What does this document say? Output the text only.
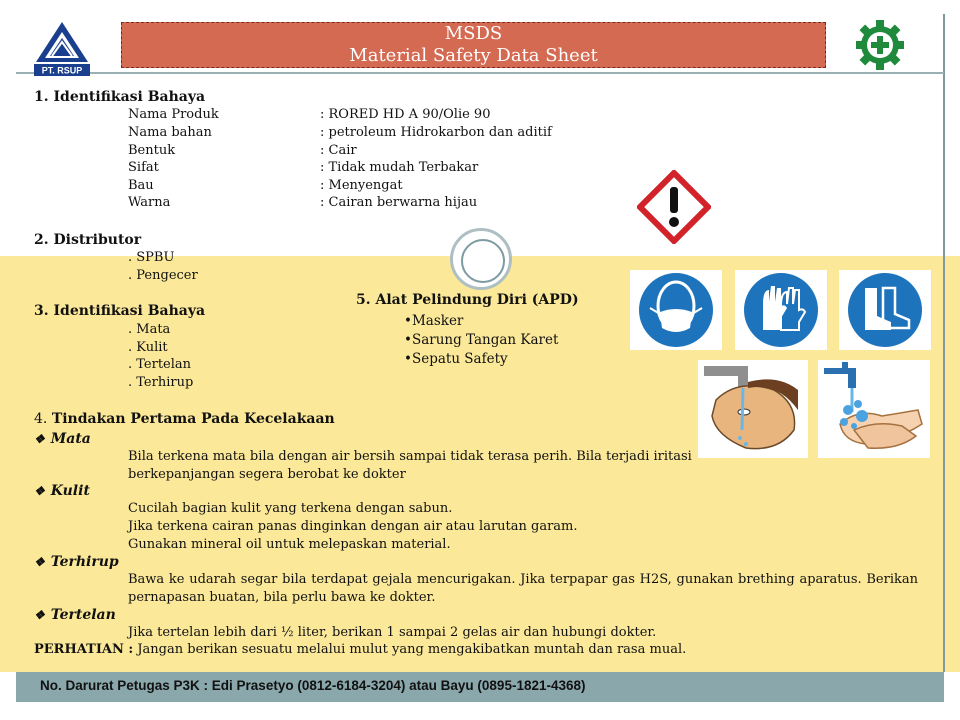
PT. RSUP
MSDS
Material Safety Data Sheet
1. Identifikasi Bahaya
Nama Produk	: RORED HD A 90/Olie 90
Nama bahan	: petroleum Hidrokarbon dan aditif
Bentuk	: Cair
Sifat	: Tidak mudah Terbakar
Bau	: Menyengat
Warna	: Cairan berwarna hijau
2. Distributor
. SPBU
. Pengecer
3. Identifikasi Bahaya
. Mata
. Kulit
. Tertelan
. Terhirup
5. Alat Pelindung Diri (APD)
•Masker
•Sarung Tangan Karet
•Sepatu Safety
4. Tindakan Pertama Pada Kecelakaan
❖ Mata
Bila terkena mata bila dengan air bersih sampai tidak terasa perih. Bila terjadi iritasi
berkepanjangan segera berobat ke dokter
❖ Kulit
Cucilah bagian kulit yang terkena dengan sabun.
Jika terkena cairan panas dinginkan dengan air atau larutan garam.
Gunakan mineral oil untuk melepaskan material.
❖ Terhirup
Bawa ke udarah segar bila terdapat gejala mencurigakan. Jika terpapar gas H2S, gunakan brething aparatus. Berikan pernapasan buatan, bila perlu bawa ke dokter.
❖ Tertelan
Jika tertelan lebih dari ½ liter, berikan 1 sampai 2 gelas air dan hubungi dokter.
PERHATIAN : Jangan berikan sesuatu melalui mulut yang mengakibatkan muntah dan rasa mual.
No. Darurat Petugas P3K : Edi Prasetyo (0812-6184-3204) atau Bayu (0895-1821-4368)
